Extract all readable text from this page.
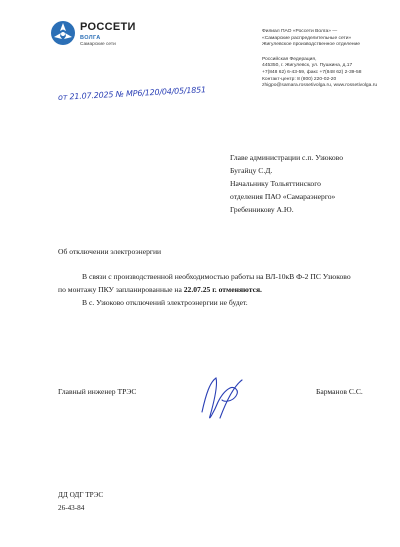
РОССЕТИ
ВОЛГА
Самарские сети
Филиал ПАО «Россети Волга» —
«Самарские распределительные сети»
Жигулевское производственное отделение
Российская Федерация,
445350, г. Жигулевск, ул. Пушкина, д.17
+7(848 62) 6-43-59, факс +7(848 62) 2-39-58
Контакт-центр: 8 (800) 220-02-20
zhigpo@samara.rossetivolga.ru, www.rossetivolga.ru
от 21.07.2025 № МР6/120/04/05/1851
Главе администрации с.п. Узюково
Бугайцу С.Д.
Начальнику Тольяттинского
отделения ПАО «Самараэнерго»
Гребенникову А.Ю.
Об отключении электроэнергии
В связи с производственной необходимостью работы на ВЛ-10кВ Ф-2 ПС Узюково
по монтажу ПКУ запланированные на 22.07.25 г. отменяются.
В с. Узюково отключений электроэнергии не будет.
Главный инженер ТРЭС	Барманов С.С.
ДД ОДГ ТРЭС
26-43-84
